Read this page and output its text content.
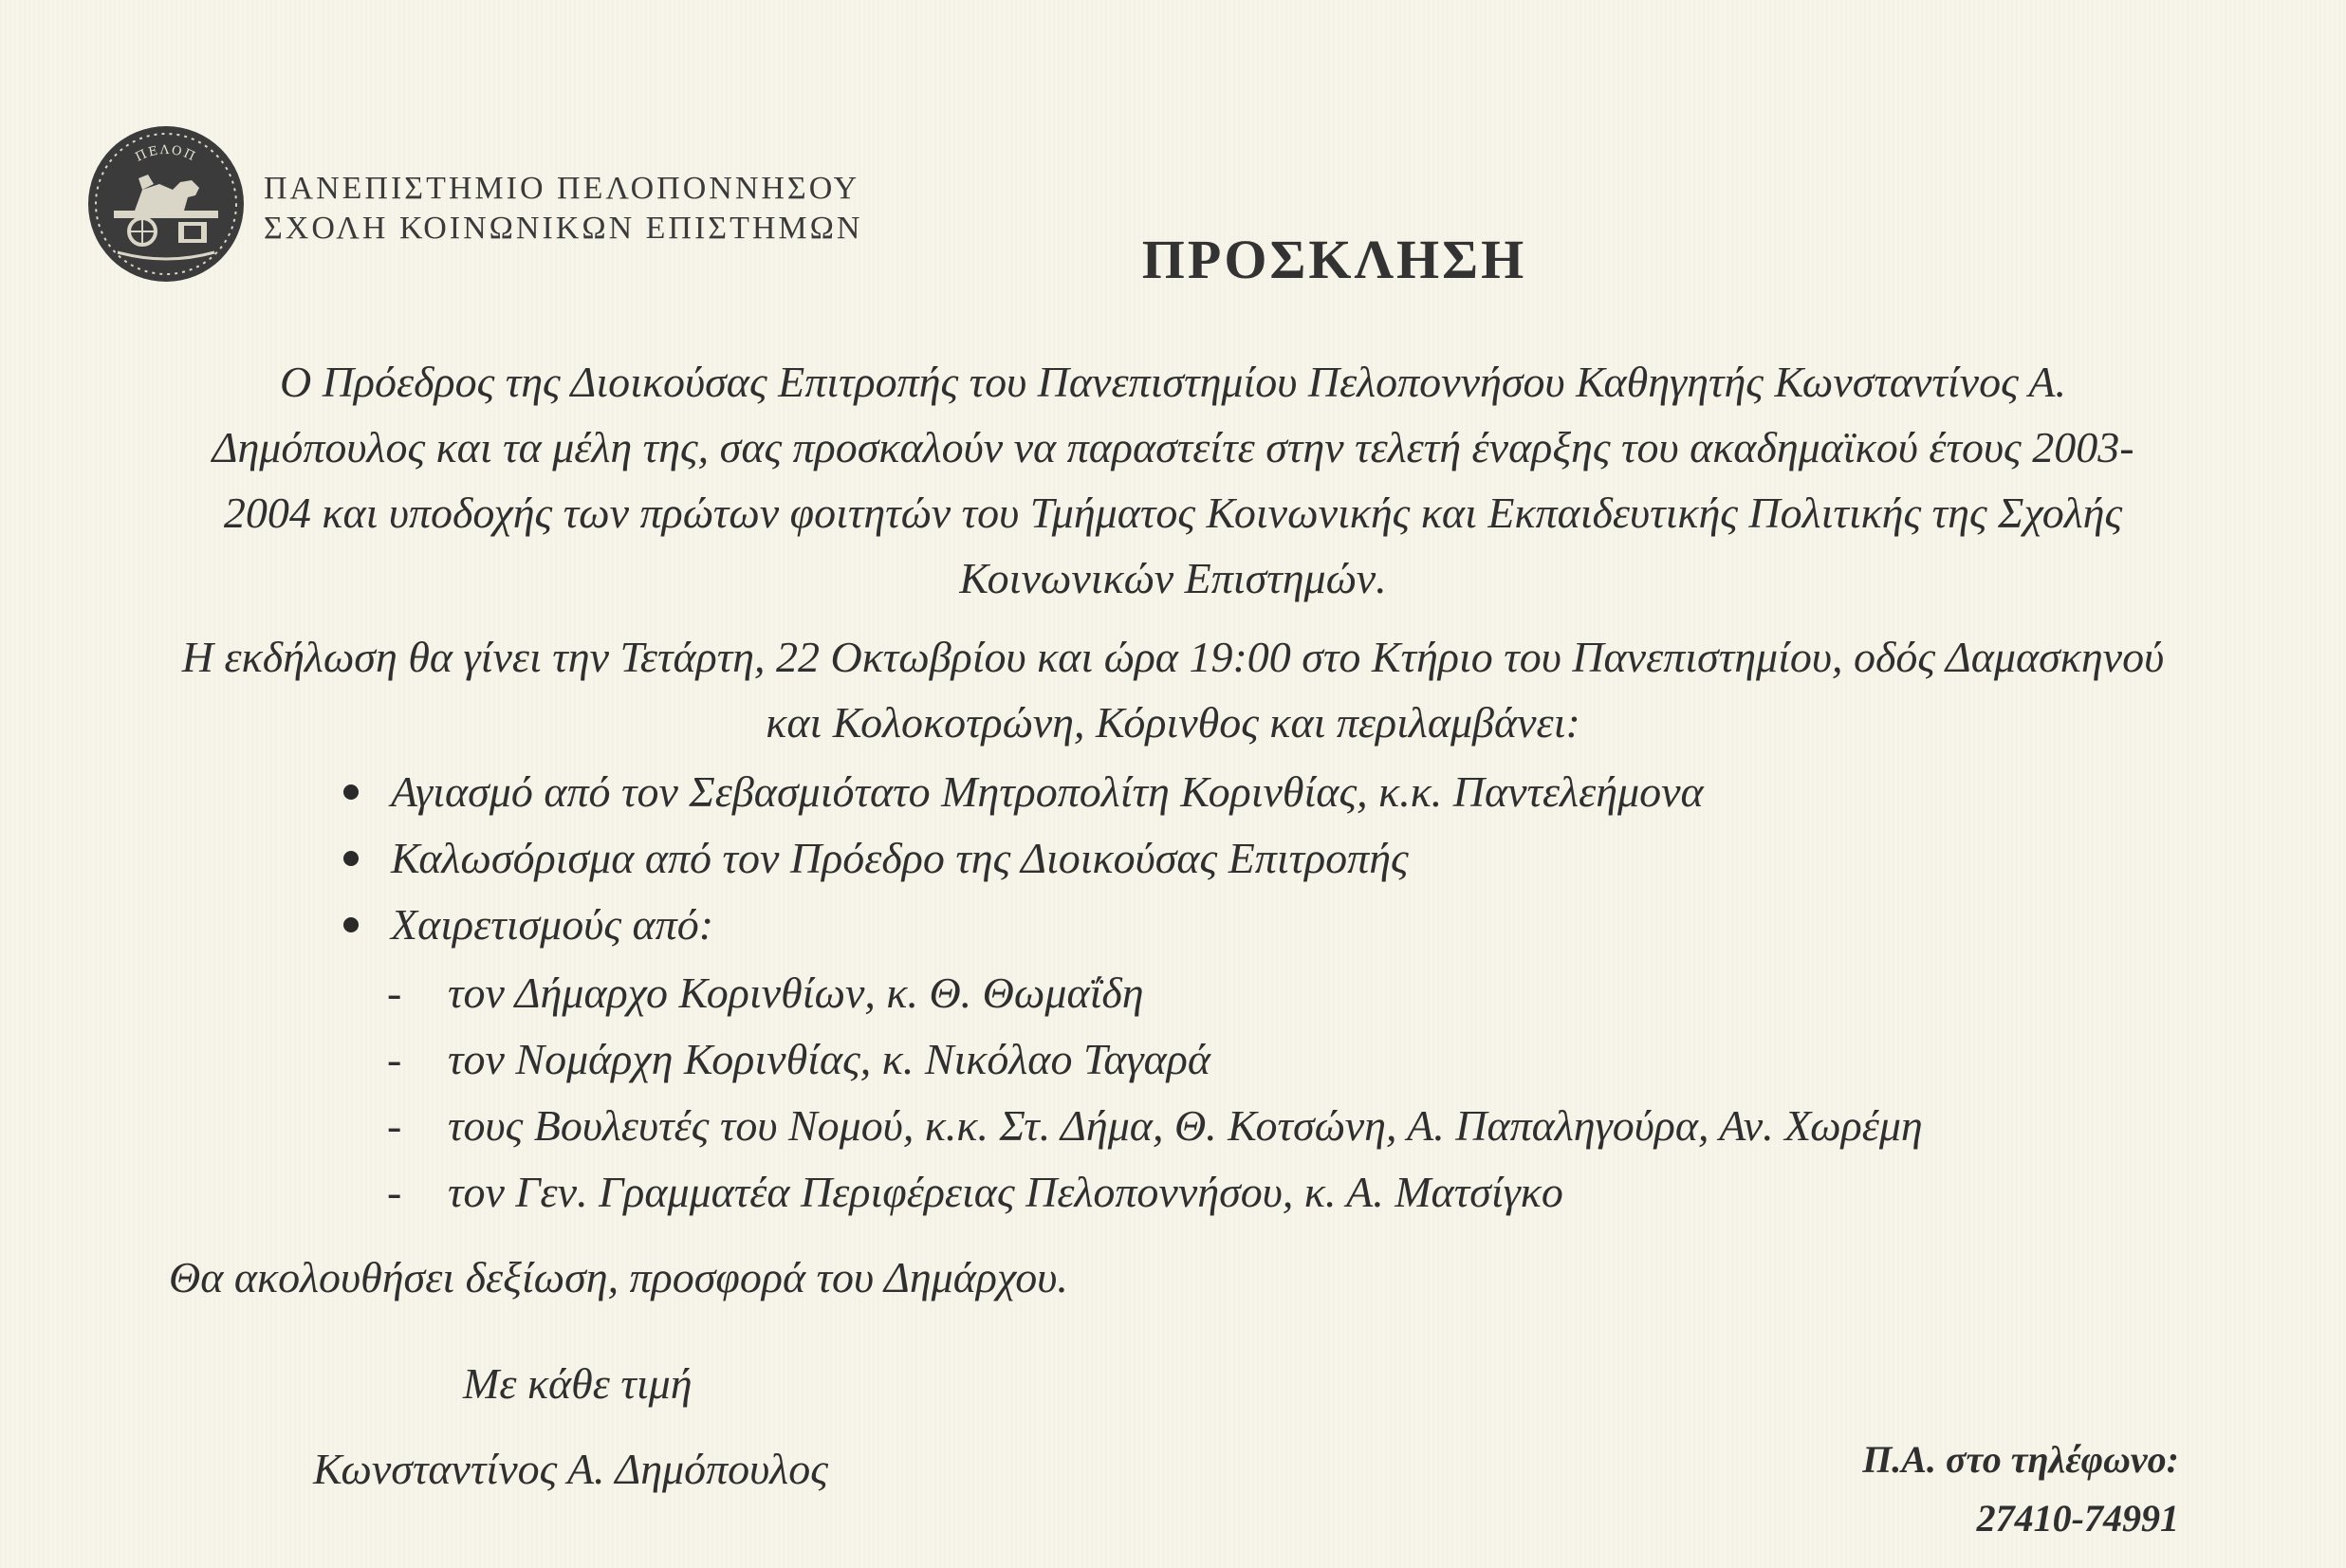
ΠΕΛΟΠ
ΠΑΝΕΠΙΣΤΗΜΙΟ ΠΕΛΟΠΟΝΝΗΣΟΥ
ΣΧΟΛΗ ΚΟΙΝΩΝΙΚΩΝ ΕΠΙΣΤΗΜΩΝ
ΠΡΟΣΚΛΗΣΗ
Ο Πρόεδρος της Διοικούσας Επιτροπής του Πανεπιστημίου Πελοποννήσου Καθηγητής Κωνσταντίνος Α. Δημόπουλος και τα μέλη της, σας προσκαλούν να παραστείτε στην τελετή έναρξης του ακαδημαϊκού έτους 2003-2004 και υποδοχής των πρώτων φοιτητών του Τμήματος Κοινωνικής και Εκπαιδευτικής Πολιτικής της Σχολής Κοινωνικών Επιστημών.
Η εκδήλωση θα γίνει την Τετάρτη, 22 Οκτωβρίου και ώρα 19:00 στο Κτήριο του Πανεπιστημίου, οδός Δαμασκηνού και Κολοκοτρώνη, Κόρινθος και περιλαμβάνει:
Αγιασμό από τον Σεβασμιότατο Μητροπολίτη Κορινθίας, κ.κ. Παντελεήμονα
Καλωσόρισμα από τον Πρόεδρο της Διοικούσας Επιτροπής
Χαιρετισμούς από:
- τον Δήμαρχο Κορινθίων, κ. Θ. Θωμαΐδη
- τον Νομάρχη Κορινθίας, κ. Νικόλαο Ταγαρά
- τους Βουλευτές του Νομού, κ.κ. Στ. Δήμα, Θ. Κοτσώνη, Α. Παπαληγούρα, Αν. Χωρέμη
- τον Γεν. Γραμματέα Περιφέρειας Πελοποννήσου, κ. Α. Ματσίγκο
Θα ακολουθήσει δεξίωση, προσφορά του Δημάρχου.
Με κάθε τιμή
Κωνσταντίνος Α. Δημόπουλος	Π.Α. στο τηλέφωνο:
27410-74991
